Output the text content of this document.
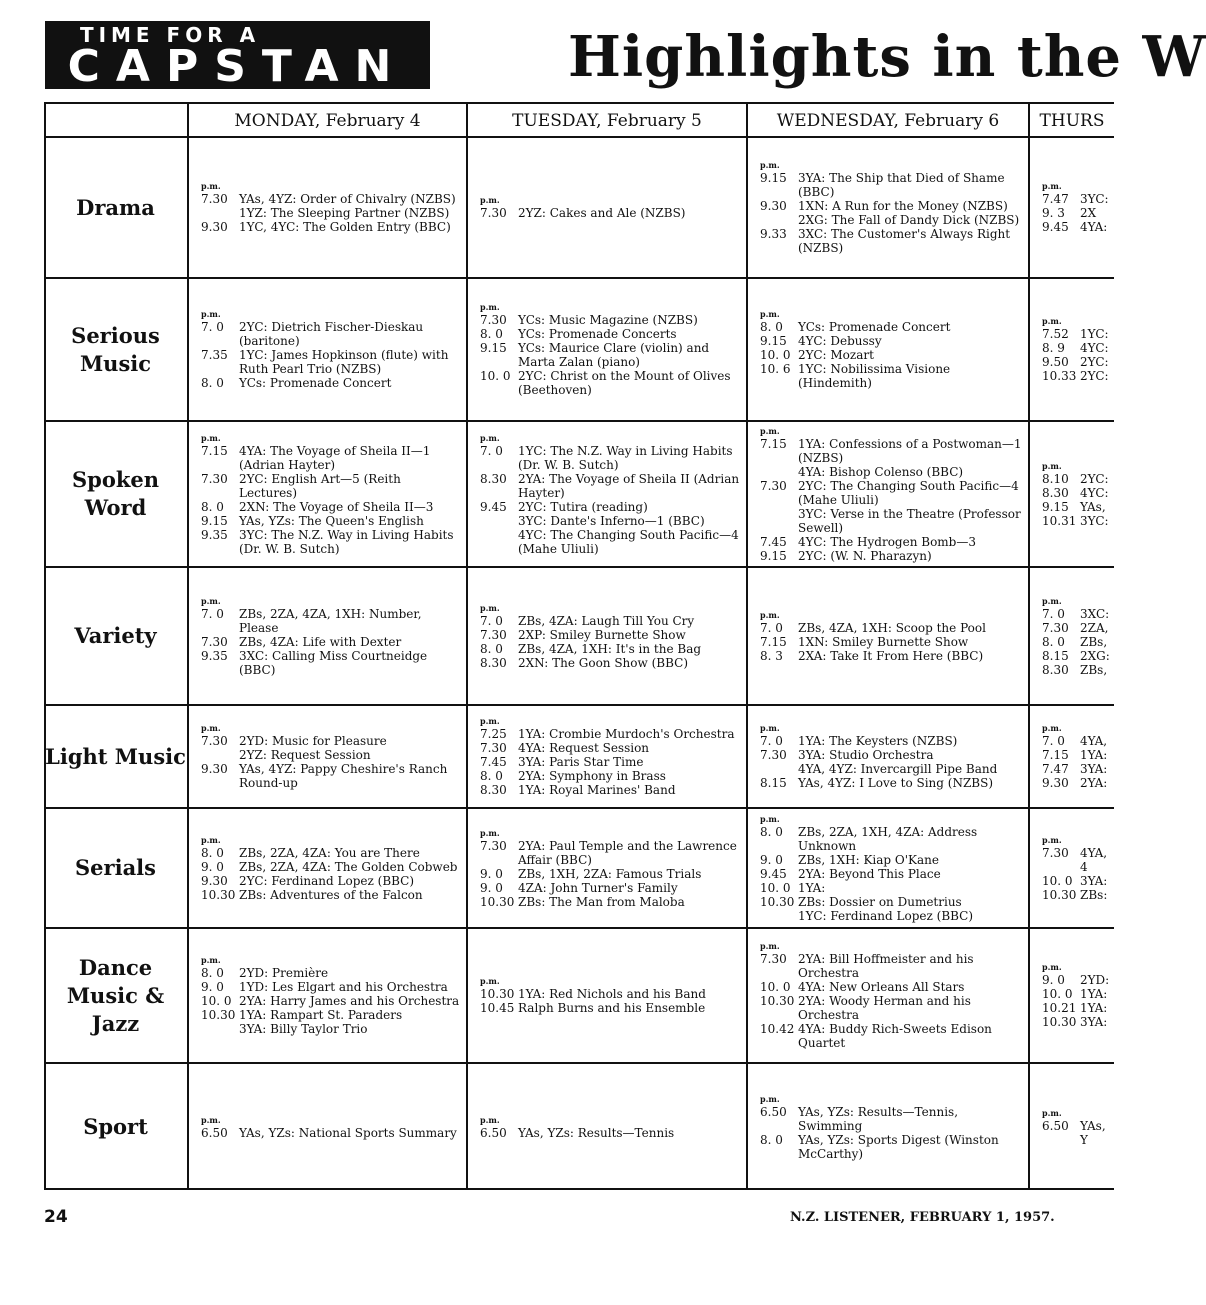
TIME FOR A
CAPSTAN	Highlights in the W
MONDAY, February 4	TUESDAY, February 5	WEDNESDAY, February 6	THURS
Drama
p.m.
7.30 YAs, 4YZ: Order of Chivalry (NZBS)
1YZ: The Sleeping Partner (NZBS)
9.30 1YC, 4YC: The Golden Entry (BBC)
p.m.
7.30 2YZ: Cakes and Ale (NZBS)
p.m.
9.15 3YA: The Ship that Died of Shame (BBC)
9.30 1XN: A Run for the Money (NZBS)
2XG: The Fall of Dandy Dick (NZBS)
9.33 3XC: The Customer's Always Right (NZBS)
p.m.
7.47 3YC:
9. 3	2X
9.45 4YA:
Serious Music
p.m.
7. 0	2YC: Dietrich Fischer-Dieskau (baritone)
7.35 1YC: James Hopkinson (flute) with Ruth Pearl Trio (NZBS)
8. 0	YCs: Promenade Concert
p.m.
7.30 YCs: Music Magazine (NZBS)
8. 0	YCs: Promenade Concerts
9.15 YCs: Maurice Clare (violin) and Marta Zalan (piano)
10. 0 2YC: Christ on the Mount of Olives (Beethoven)
p.m.
8. 0	YCs: Promenade Concert
9.15 4YC: Debussy
10. 0 2YC: Mozart
10. 6 1YC: Nobilissima Visione (Hindemith)
p.m.
7.52 1YC:
8. 9	4YC:
9.50 2YC:
10.33 2YC:
Spoken Word
p.m.
7.15 4YA: The Voyage of Sheila II—1 (Adrian Hayter)
7.30 2YC: English Art—5 (Reith Lectures)
8. 0	2XN: The Voyage of Sheila II—3
9.15 YAs, YZs: The Queen's English
9.35 3YC: The N.Z. Way in Living Habits (Dr. W. B. Sutch)
p.m.
7. 0	1YC: The N.Z. Way in Living Habits (Dr. W. B. Sutch)
8.30 2YA: The Voyage of Sheila II (Adrian Hayter)
9.45 2YC: Tutira (reading)
3YC: Dante's Inferno—1 (BBC)
4YC: The Changing South Pacific—4 (Mahe Uliuli)
p.m.
7.15 1YA: Confessions of a Postwoman—1 (NZBS)
4YA: Bishop Colenso (BBC)
7.30 2YC: The Changing South Pacific—4 (Mahe Uliuli)
3YC: Verse in the Theatre (Professor Sewell)
7.45 4YC: The Hydrogen Bomb—3
9.15 2YC: (W. N. Pharazyn)
p.m.
8.10 2YC:
8.30 4YC:
9.15 YAs,
10.31 3YC:
Variety
p.m.
7. 0	ZBs, 2ZA, 4ZA, 1XH: Number, Please
7.30 ZBs, 4ZA: Life with Dexter
9.35 3XC: Calling Miss Courtneidge (BBC)
p.m.
7. 0	ZBs, 4ZA: Laugh Till You Cry
7.30 2XP: Smiley Burnette Show
8. 0	ZBs, 4ZA, 1XH: It's in the Bag
8.30 2XN: The Goon Show (BBC)
p.m.
7. 0	ZBs, 4ZA, 1XH: Scoop the Pool
7.15 1XN: Smiley Burnette Show
8. 3	2XA: Take It From Here (BBC)
p.m.
7. 0	3XC:
7.30 2ZA,
8. 0	ZBs,
8.15 2XG:
8.30 ZBs,
Light Music
p.m.
7.30 2YD: Music for Pleasure
2YZ: Request Session
9.30 YAs, 4YZ: Pappy Cheshire's Ranch Round-up
p.m.
7.25 1YA: Crombie Murdoch's Orchestra
7.30 4YA: Request Session
7.45 3YA: Paris Star Time
8. 0	2YA: Symphony in Brass
8.30 1YA: Royal Marines' Band
p.m.
7. 0	1YA: The Keysters (NZBS)
7.30 3YA: Studio Orchestra
4YA, 4YZ: Invercargill Pipe Band
8.15 YAs, 4YZ: I Love to Sing (NZBS)
p.m.
7. 0	4YA,
7.15 1YA:
7.47 3YA:
9.30 2YA:
Serials
p.m.
8. 0	ZBs, 2ZA, 4ZA: You are There
9. 0	ZBs, 2ZA, 4ZA: The Golden Cobweb
9.30 2YC: Ferdinand Lopez (BBC)
10.30 ZBs: Adventures of the Falcon
p.m.
7.30 2YA: Paul Temple and the Lawrence Affair (BBC)
9. 0	ZBs, 1XH, 2ZA: Famous Trials
9. 0	4ZA: John Turner's Family
10.30 ZBs: The Man from Maloba
p.m.
8. 0	ZBs, 2ZA, 1XH, 4ZA: Address Unknown
9. 0	ZBs, 1XH: Kiap O'Kane
9.45 2YA: Beyond This Place
10. 0 1YA:
10.30 ZBs: Dossier on Dumetrius
1YC: Ferdinand Lopez (BBC)
p.m.
7.30 4YA, 4
10. 0 3YA:
10.30 ZBs:
Dance Music & Jazz
p.m.
8. 0	2YD: Première
9. 0	1YD: Les Elgart and his Orchestra
10. 0 2YA: Harry James and his Orchestra
10.30 1YA: Rampart St. Paraders
3YA: Billy Taylor Trio
p.m.
10.30 1YA: Red Nichols and his Band
10.45 Ralph Burns and his Ensemble
p.m.
7.30 2YA: Bill Hoffmeister and his Orchestra
10. 0 4YA: New Orleans All Stars
10.30 2YA: Woody Herman and his Orchestra
10.42 4YA: Buddy Rich-Sweets Edison Quartet
p.m.
9. 0	2YD:
10. 0 1YA:
10.21 1YA:
10.30 3YA:
Sport	p.m.
6.50 YAs, YZs: National Sports Summary
p.m.
6.50 YAs, YZs: Results—Tennis
p.m.
6.50 YAs, YZs: Results—Tennis, Swimming
8. 0	YAs, YZs: Sports Digest (Winston McCarthy)
p.m.
6.50 YAs, Y
24	N.Z. LISTENER, FEBRUARY 1, 1957.
